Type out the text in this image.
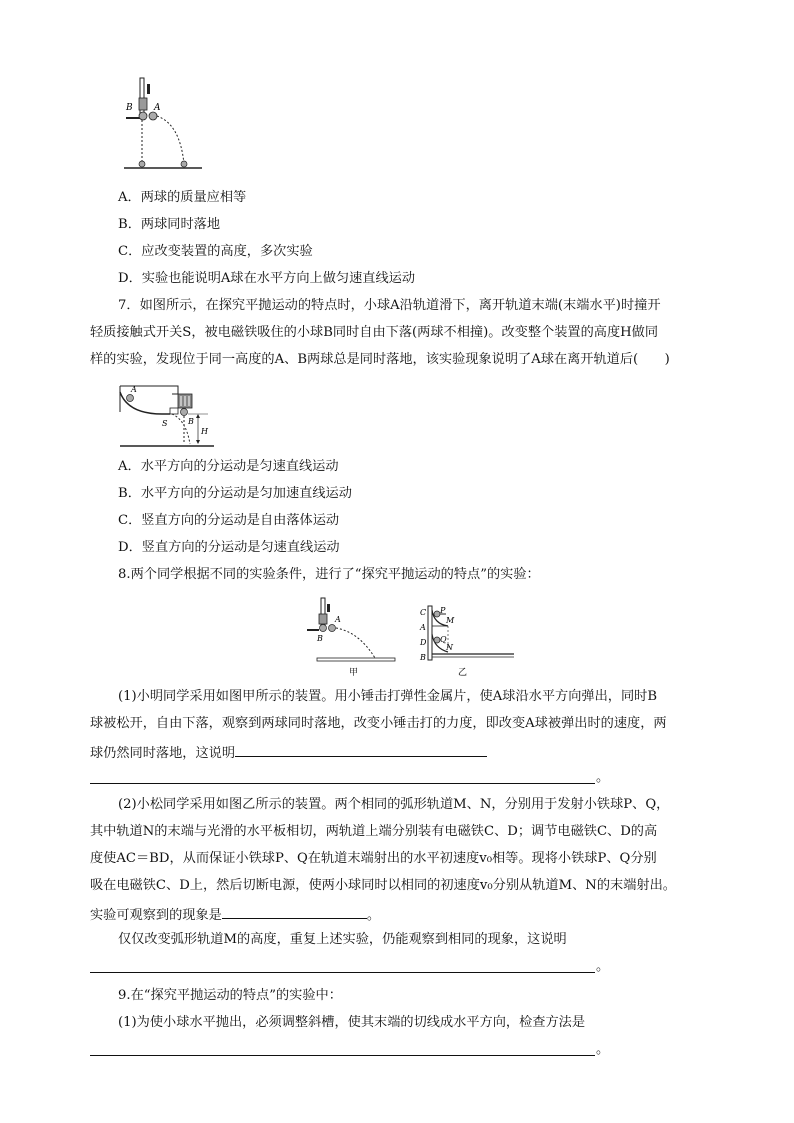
B A
A．两球的质量应相等
B．两球同时落地
C．应改变装置的高度，多次实验
D．实验也能说明A球在水平方向上做匀速直线运动
7．如图所示，在探究平抛运动的特点时，小球A沿轨道滑下，离开轨道末端(末端水平)时撞开
轻质接触式开关S，被电磁铁吸住的小球B同时自由下落(两球不相撞)。改变整个装置的高度H做同
样的实验，发现位于同一高度的A、B两球总是同时落地，该实验现象说明了A球在离开轨道后(　　)
A
S	B
H
A．水平方向的分运动是匀速直线运动
B．水平方向的分运动是匀加速直线运动
C．竖直方向的分运动是自由落体运动
D．竖直方向的分运动是匀速直线运动
8.两个同学根据不同的实验条件，进行了“探究平抛运动的特点”的实验：
A
B
甲
C P
M
A
Q
D
N
B
乙
(1)小明同学采用如图甲所示的装置。用小锤击打弹性金属片，使A球沿水平方向弹出，同时B
球被松开，自由下落，观察到两球同时落地，改变小锤击打的力度，即改变A球被弹出时的速度，两
球仍然同时落地，这说明
。
(2)小松同学采用如图乙所示的装置。两个相同的弧形轨道M、N，分别用于发射小铁球P、Q，
其中轨道N的末端与光滑的水平板相切，两轨道上端分别装有电磁铁C、D；调节电磁铁C、D的高
度使AC＝BD，从而保证小铁球P、Q在轨道末端射出的水平初速度v₀相等。现将小铁球P、Q分别
吸在电磁铁C、D上，然后切断电源，使两小球同时以相同的初速度v₀分别从轨道M、N的末端射出。
实验可观察到的现象是	。
仅仅改变弧形轨道M的高度，重复上述实验，仍能观察到相同的现象，这说明
。
9.在“探究平抛运动的特点”的实验中：
(1)为使小球水平抛出，必须调整斜槽，使其末端的切线成水平方向，检查方法是
。
